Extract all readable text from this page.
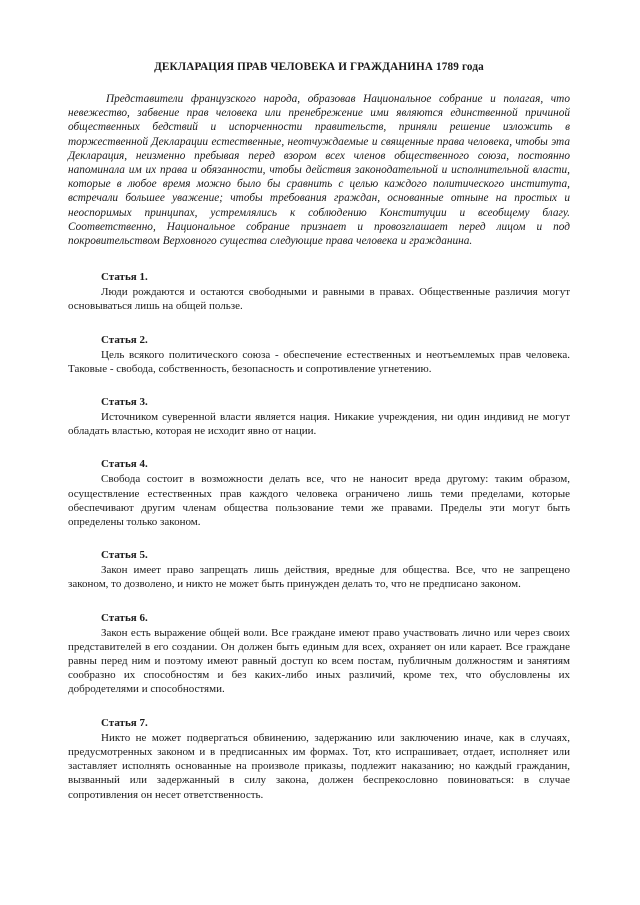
ДЕКЛАРАЦИЯ ПРАВ ЧЕЛОВЕКА И ГРАЖДАНИНА 1789 года

Представители французского народа, образовав Национальное собрание и полагая, что невежество, забвение прав человека или пренебрежение ими являются единственной причиной общественных бедствий и испорченности правительств, приняли решение изложить в торжественной Декларации естественные, неотчуждаемые и священные права человека, чтобы эта Декларация, неизменно пребывая перед взором всех членов общественного союза, постоянно напоминала им их права и обязанности, чтобы действия законодательной и исполнительной власти, которые в любое время можно было бы сравнить с целью каждого политического института, встречали большее уважение; чтобы требования граждан, основанные отныне на простых и неоспоримых принципах, устремлялись к соблюдению Конституции и всеобщему благу. Соответственно, Национальное собрание признает и провозглашает перед лицом и под покровительством Верховного существа следующие права человека и гражданина.

Статья 1.

Люди рождаются и остаются свободными и равными в правах. Общественные различия могут основываться лишь на общей пользе.

Статья 2.

Цель всякого политического союза - обеспечение естественных и неотъемлемых прав человека. Таковые - свобода, собственность, безопасность и сопротивление угнетению.

Статья 3.

Источником суверенной власти является нация. Никакие учреждения, ни один индивид не могут обладать властью, которая не исходит явно от нации.

Статья 4.

Свобода состоит в возможности делать все, что не наносит вреда другому: таким образом, осуществление естественных прав каждого человека ограничено лишь теми пределами, которые обеспечивают другим членам общества пользование теми же правами. Пределы эти могут быть определены только законом.

Статья 5.

Закон имеет право запрещать лишь действия, вредные для общества. Все, что не запрещено законом, то дозволено, и никто не может быть принужден делать то, что не предписано законом.

Статья 6.

Закон есть выражение общей воли. Все граждане имеют право участвовать лично или через своих представителей в его создании. Он должен быть единым для всех, охраняет он или карает. Все граждане равны перед ним и поэтому имеют равный доступ ко всем постам, публичным должностям и занятиям сообразно их способностям и без каких-либо иных различий, кроме тех, что обусловлены их добродетелями и способностями.

Статья 7.

Никто не может подвергаться обвинению, задержанию или заключению иначе, как в случаях, предусмотренных законом и в предписанных им формах. Тот, кто испрашивает, отдает, исполняет или заставляет исполнять основанные на произволе приказы, подлежит наказанию; но каждый гражданин, вызванный или задержанный в силу закона, должен беспрекословно повиноваться: в случае сопротивления он несет ответственность.
